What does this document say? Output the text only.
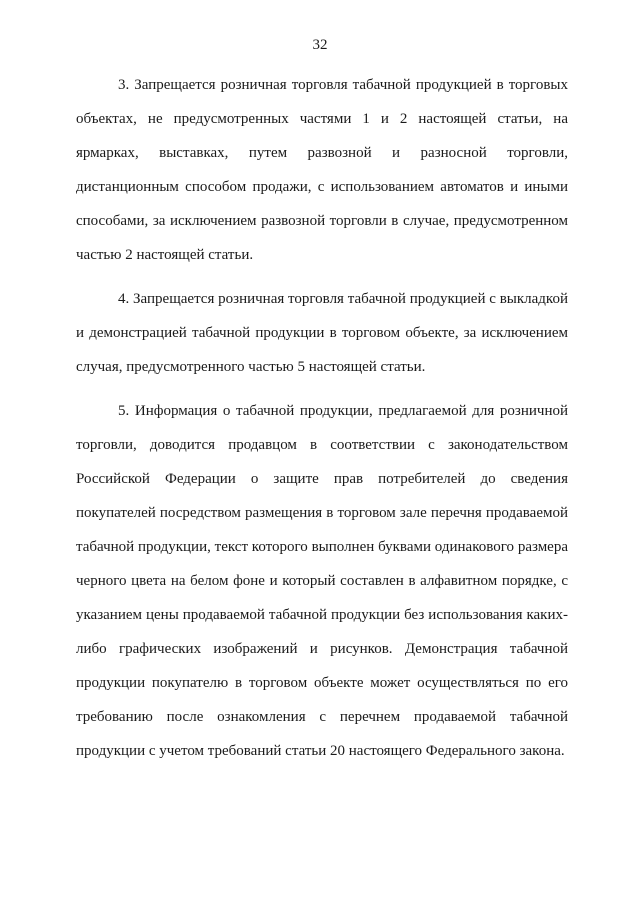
32

3. Запрещается розничная торговля табачной продукцией в торговых объектах, не предусмотренных частями 1 и 2 настоящей статьи, на ярмарках, выставках, путем развозной и разносной торговли, дистанционным способом продажи, с использованием автоматов и иными способами, за исключением развозной торговли в случае, предусмотренном частью 2 настоящей статьи.

4. Запрещается розничная торговля табачной продукцией с выкладкой и демонстрацией табачной продукции в торговом объекте, за исключением случая, предусмотренного частью 5 настоящей статьи.

5. Информация о табачной продукции, предлагаемой для розничной торговли, доводится продавцом в соответствии с законодательством Российской Федерации о защите прав потребителей до сведения покупателей посредством размещения в торговом зале перечня продаваемой табачной продукции, текст которого выполнен буквами одинакового размера черного цвета на белом фоне и который составлен в алфавитном порядке, с указанием цены продаваемой табачной продукции без использования каких-либо графических изображений и рисунков. Демонстрация табачной продукции покупателю в торговом объекте может осуществляться по его требованию после ознакомления с перечнем продаваемой табачной продукции с учетом требований статьи 20 настоящего Федерального закона.
